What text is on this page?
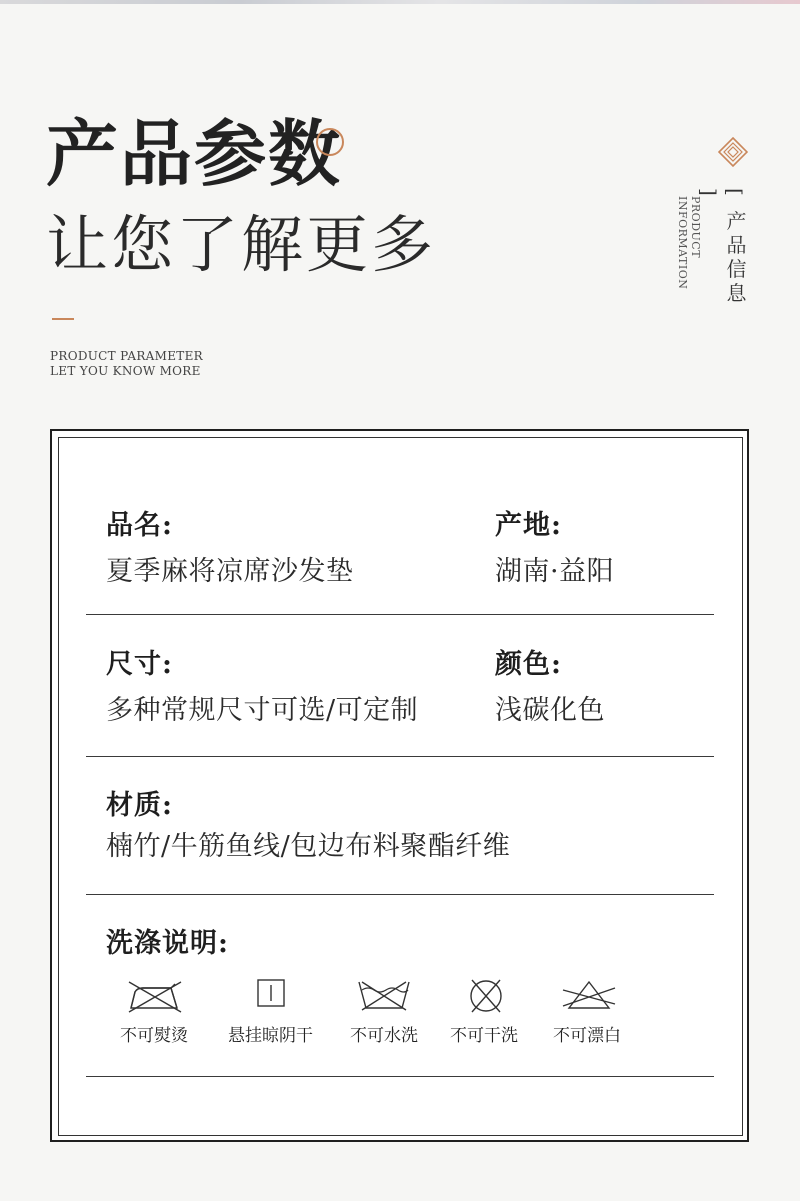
产品参数
让您了解更多
PRODUCT PARAMETER
LET YOU KNOW MORE
PRODUCT INFORMATION	[ 产品信息 ]
品名:
夏季麻将凉席沙发垫
产地:
湖南·益阳
尺寸:
多种常规尺寸可选/可定制
颜色:
浅碳化色
材质:
楠竹/牛筋鱼线/包边布料聚酯纤维
洗涤说明:
不可熨烫 悬挂晾阴干 不可水洗 不可干洗 不可漂白
